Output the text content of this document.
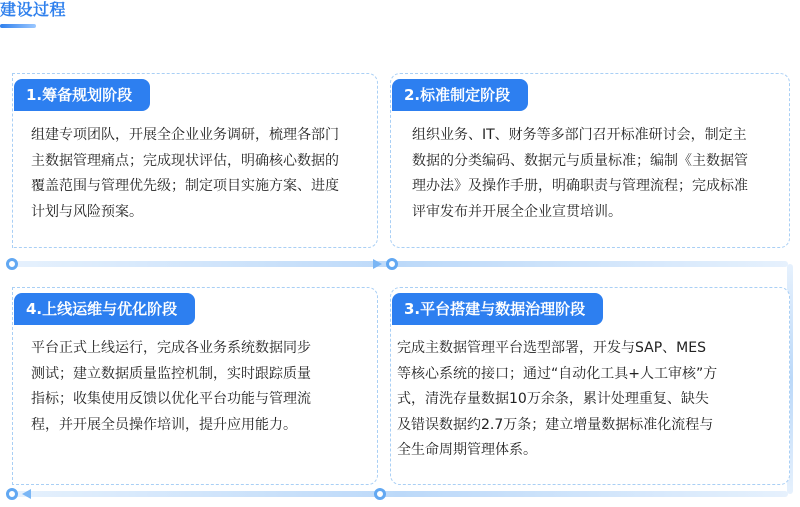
建设过程
1.筹备规划阶段
组建专项团队，开展全企业业务调研，梳理各部门
主数据管理痛点；完成现状评估，明确核心数据的
覆盖范围与管理优先级；制定项目实施方案、进度
计划与风险预案。
2.标准制定阶段
组织业务、IT、财务等多部门召开标准研讨会，制定主
数据的分类编码、数据元与质量标准；编制《主数据管
理办法》及操作手册，明确职责与管理流程；完成标准
评审发布并开展全企业宣贯培训。
4.上线运维与优化阶段
平台正式上线运行，完成各业务系统数据同步
测试；建立数据质量监控机制，实时跟踪质量
指标；收集使用反馈以优化平台功能与管理流
程，并开展全员操作培训，提升应用能力。
3.平台搭建与数据治理阶段
完成主数据管理平台选型部署，开发与SAP、MES
等核心系统的接口；通过“自动化工具+人工审核”方
式，清洗存量数据10万余条，累计处理重复、缺失
及错误数据约2.7万条；建立增量数据标准化流程与
全生命周期管理体系。
